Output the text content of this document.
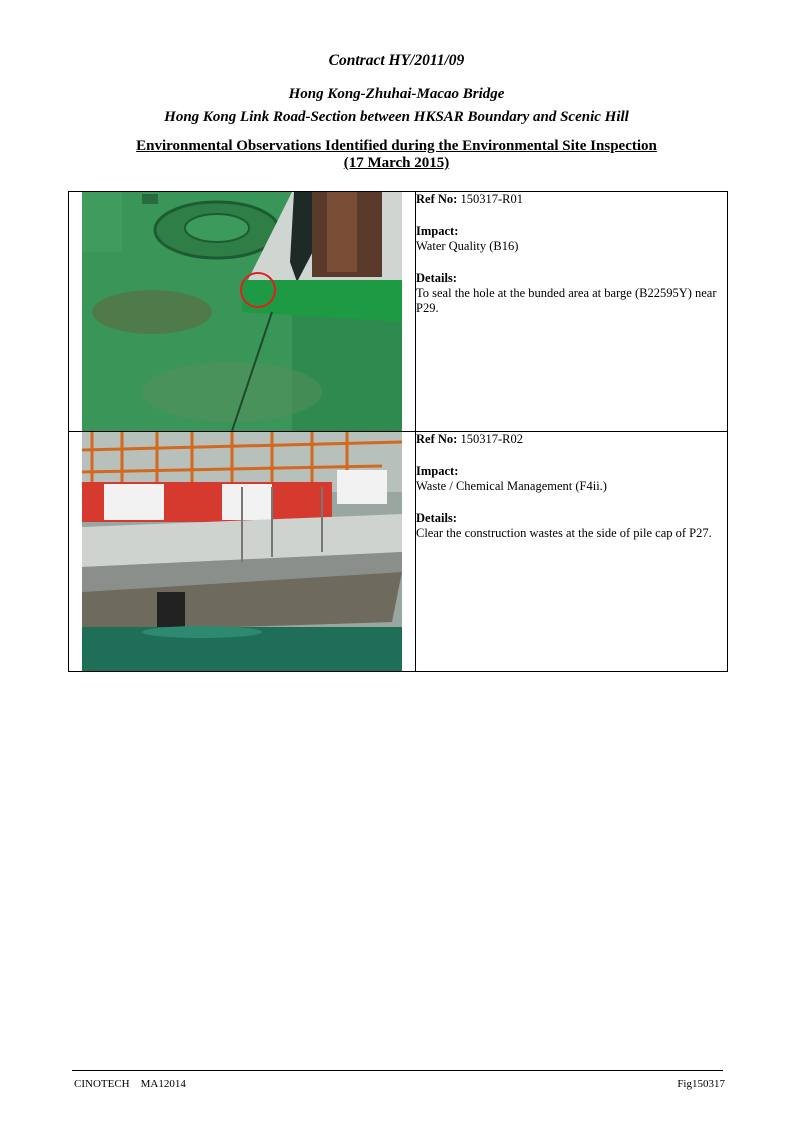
Contract HY/2011/09
Hong Kong-Zhuhai-Macao Bridge
Hong Kong Link Road-Section between HKSAR Boundary and Scenic Hill
Environmental Observations Identified during the Environmental Site Inspection
(17 March 2015)

Ref No: 150317-R01
Impact:
Water Quality (B16)
Details:
To seal the hole at the bunded area at barge (B22595Y) near P29.

Ref No: 150317-R02
Impact:
Waste / Chemical Management (F4ii.)
Details:
Clear the construction wastes at the side of pile cap of P27.
CINOTECH    MA12014	Fig150317
